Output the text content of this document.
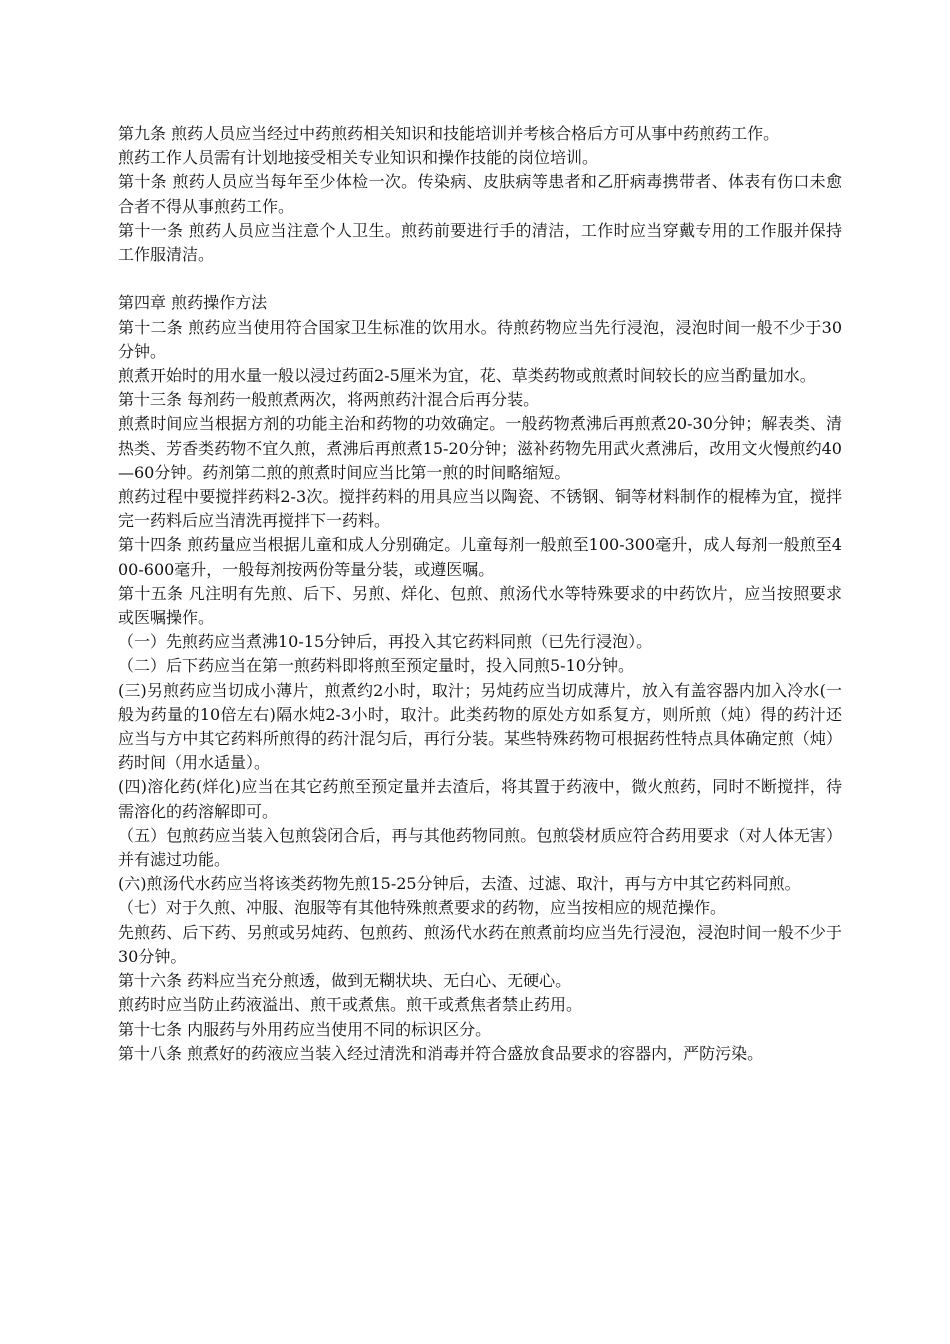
第九条 煎药人员应当经过中药煎药相关知识和技能培训并考核合格后方可从事中药煎药工作。

煎药工作人员需有计划地接受相关专业知识和操作技能的岗位培训。

第十条 煎药人员应当每年至少体检一次。传染病、皮肤病等患者和乙肝病毒携带者、体表有伤口未愈合者不得从事煎药工作。

第十一条 煎药人员应当注意个人卫生。煎药前要进行手的清洁，工作时应当穿戴专用的工作服并保持工作服清洁。

第四章 煎药操作方法

第十二条 煎药应当使用符合国家卫生标准的饮用水。待煎药物应当先行浸泡，浸泡时间一般不少于30分钟。

煎煮开始时的用水量一般以浸过药面2-5厘米为宜，花、草类药物或煎煮时间较长的应当酌量加水。

第十三条 每剂药一般煎煮两次，将两煎药汁混合后再分装。

煎煮时间应当根据方剂的功能主治和药物的功效确定。一般药物煮沸后再煎煮20-30分钟；解表类、清热类、芳香类药物不宜久煎，煮沸后再煎煮15-20分钟；滋补药物先用武火煮沸后，改用文火慢煎约40—60分钟。药剂第二煎的煎煮时间应当比第一煎的时间略缩短。

煎药过程中要搅拌药料2-3次。搅拌药料的用具应当以陶瓷、不锈钢、铜等材料制作的棍棒为宜，搅拌完一药料后应当清洗再搅拌下一药料。

第十四条 煎药量应当根据儿童和成人分别确定。儿童每剂一般煎至100-300毫升，成人每剂一般煎至400-600毫升，一般每剂按两份等量分装，或遵医嘱。

第十五条 凡注明有先煎、后下、另煎、烊化、包煎、煎汤代水等特殊要求的中药饮片，应当按照要求或医嘱操作。

（一）先煎药应当煮沸10-15分钟后，再投入其它药料同煎（已先行浸泡）。

（二）后下药应当在第一煎药料即将煎至预定量时，投入同煎5-10分钟。

(三)另煎药应当切成小薄片，煎煮约2小时，取汁；另炖药应当切成薄片，放入有盖容器内加入冷水(一般为药量的10倍左右)隔水炖2-3小时，取汁。此类药物的原处方如系复方，则所煎（炖）得的药汁还应当与方中其它药料所煎得的药汁混匀后，再行分装。某些特殊药物可根据药性特点具体确定煎（炖）药时间（用水适量）。

(四)溶化药(烊化)应当在其它药煎至预定量并去渣后，将其置于药液中，微火煎药，同时不断搅拌，待需溶化的药溶解即可。

（五）包煎药应当装入包煎袋闭合后，再与其他药物同煎。包煎袋材质应符合药用要求（对人体无害）并有滤过功能。

(六)煎汤代水药应当将该类药物先煎15-25分钟后，去渣、过滤、取汁，再与方中其它药料同煎。

（七）对于久煎、冲服、泡服等有其他特殊煎煮要求的药物，应当按相应的规范操作。

先煎药、后下药、另煎或另炖药、包煎药、煎汤代水药在煎煮前均应当先行浸泡，浸泡时间一般不少于30分钟。

第十六条 药料应当充分煎透，做到无糊状块、无白心、无硬心。

煎药时应当防止药液溢出、煎干或煮焦。煎干或煮焦者禁止药用。

第十七条 内服药与外用药应当使用不同的标识区分。

第十八条 煎煮好的药液应当装入经过清洗和消毒并符合盛放食品要求的容器内，严防污染。
